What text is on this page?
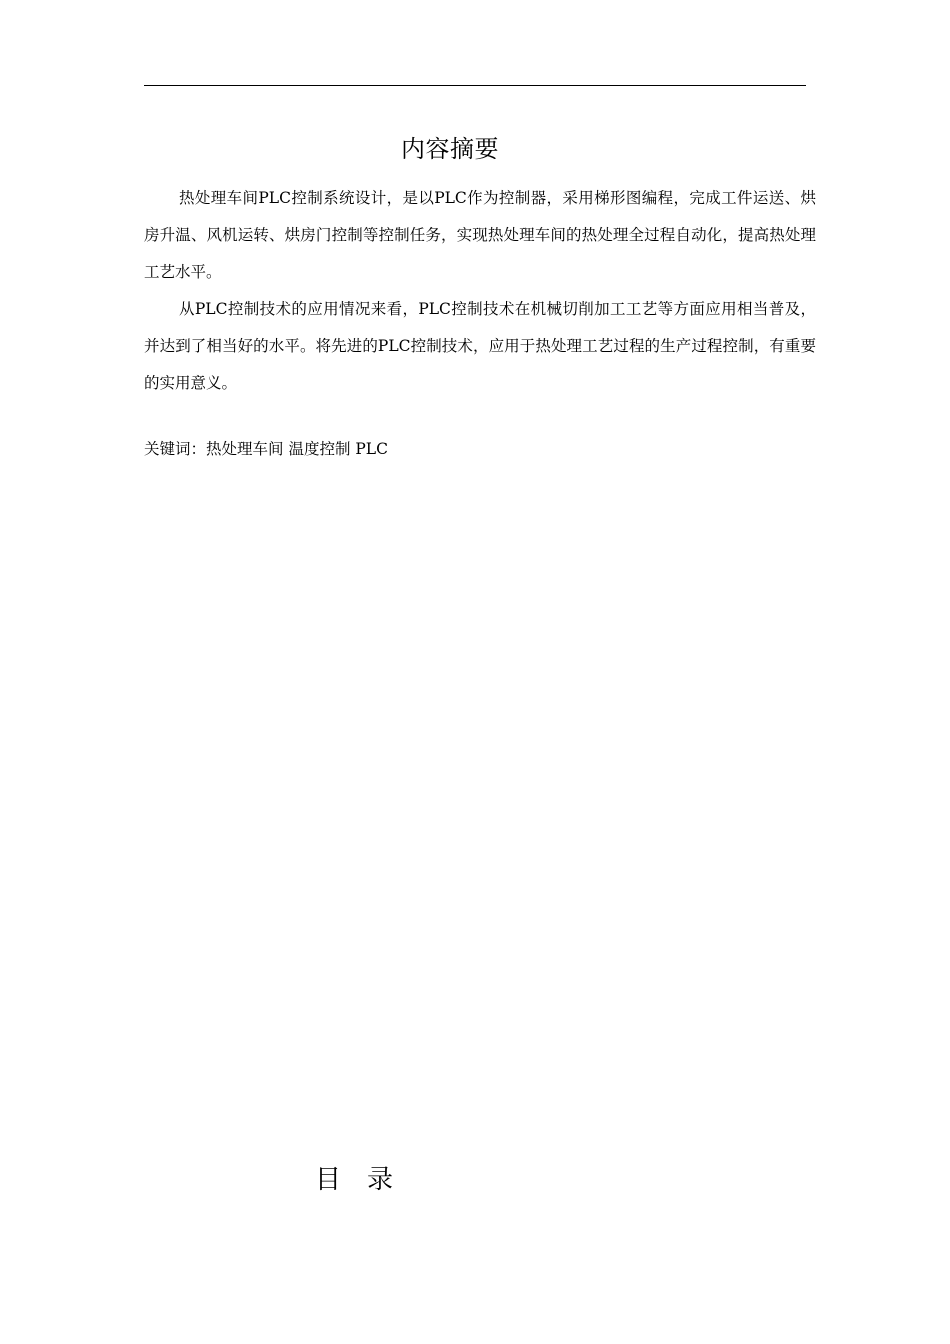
内容摘要

热处理车间PLC控制系统设计，是以PLC作为控制器，采用梯形图编程，完成工件运送、烘房升温、风机运转、烘房门控制等控制任务，实现热处理车间的热处理全过程自动化，提高热处理工艺水平。

从PLC控制技术的应用情况来看，PLC控制技术在机械切削加工工艺等方面应用相当普及，并达到了相当好的水平。将先进的PLC控制技术，应用于热处理工艺过程的生产过程控制，有重要的实用意义。

关键词：热处理车间 温度控制 PLC
目 录
